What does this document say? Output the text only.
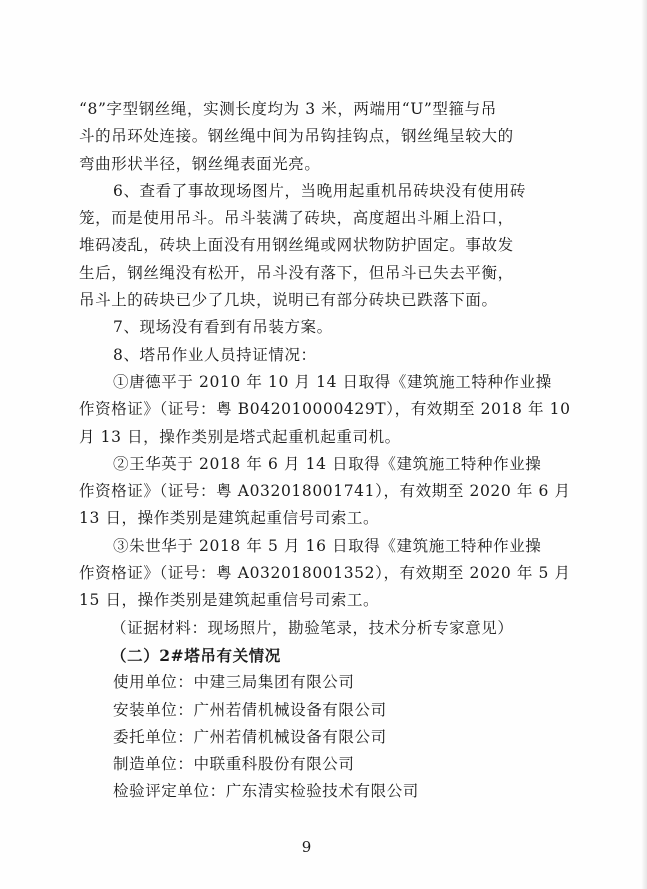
“8”字型钢丝绳，实测长度均为 3 米，两端用“U”型箍与吊
斗的吊环处连接。钢丝绳中间为吊钩挂钩点，钢丝绳呈较大的
弯曲形状半径，钢丝绳表面光亮。
6、查看了事故现场图片，当晚用起重机吊砖块没有使用砖
笼，而是使用吊斗。吊斗装满了砖块，高度超出斗厢上沿口，
堆码凌乱，砖块上面没有用钢丝绳或网状物防护固定。事故发
生后，钢丝绳没有松开，吊斗没有落下，但吊斗已失去平衡，
吊斗上的砖块已少了几块，说明已有部分砖块已跌落下面。
7、现场没有看到有吊装方案。
8、塔吊作业人员持证情况：
①唐德平于 2010 年 10 月 14 日取得《建筑施工特种作业操
作资格证》（证号：粤 B042010000429T），有效期至 2018 年 10
月 13 日，操作类别是塔式起重机起重司机。
②王华英于 2018 年 6 月 14 日取得《建筑施工特种作业操
作资格证》（证号：粤 A032018001741），有效期至 2020 年 6 月
13 日，操作类别是建筑起重信号司索工。
③朱世华于 2018 年 5 月 16 日取得《建筑施工特种作业操
作资格证》（证号：粤 A032018001352），有效期至 2020 年 5 月
15 日，操作类别是建筑起重信号司索工。
（证据材料：现场照片，勘验笔录，技术分析专家意见）
（二）2#塔吊有关情况
使用单位：中建三局集团有限公司
安装单位：广州若倩机械设备有限公司
委托单位：广州若倩机械设备有限公司
制造单位：中联重科股份有限公司
检验评定单位：广东清实检验技术有限公司
9
